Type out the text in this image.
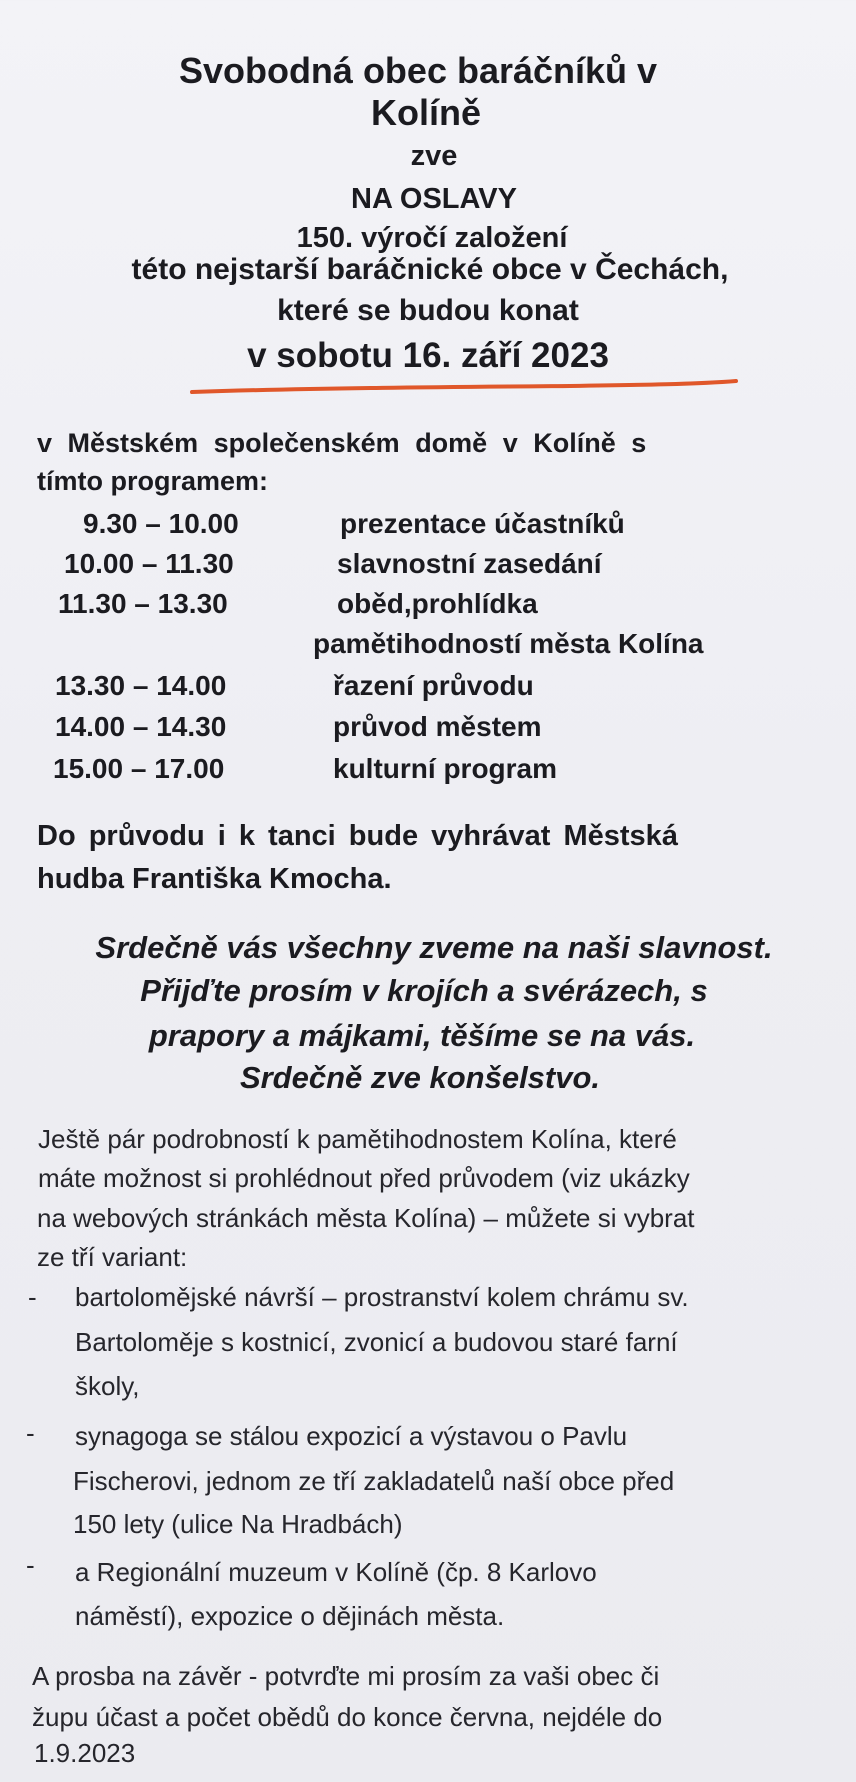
Svobodná obec baráčníků v
Kolíně
zve
NA OSLAVY
150. výročí založení
této nejstarší baráčnické obce v Čechách,
které se budou konat
v sobotu 16. září 2023
v Městském společenském domě v Kolíně s
tímto programem:
9.30 – 10.00	prezentace účastníků
10.00 – 11.30	slavnostní zasedání
11.30 – 13.30	oběd,prohlídka
pamětihodností města Kolína
13.30 – 14.00	řazení průvodu
14.00 – 14.30	průvod městem
15.00 – 17.00	kulturní program
Do průvodu i k tanci bude vyhrávat Městská
hudba Františka Kmocha.
Srdečně vás všechny zveme na naši slavnost.
Přijďte prosím v krojích a svérázech, s
prapory a májkami, těšíme se na vás.
Srdečně zve konšelstvo.
Ještě pár podrobností k pamětihodnostem Kolína, které
máte možnost si prohlédnout před průvodem (viz ukázky
na webových stránkách města Kolína) – můžete si vybrat
ze tří variant:
- bartoloměјské návrší – prostranství kolem chrámu sv.
Bartoloměje s kostnicí, zvonicí a budovou staré farní
školy,
- synagoga se stálou expozicí a výstavou o Pavlu
Fischerovi, jednom ze tří zakladatelů naší obce před
150 lety (ulice Na Hradbách)
- a Regionální muzeum v Kolíně (čp. 8 Karlovo
náměstí), expozice o dějinách města.
A prosba na závěr - potvrďte mi prosím za vaši obec či
župu účast a počet obědů do konce června, nejdéle do
1.9.2023
